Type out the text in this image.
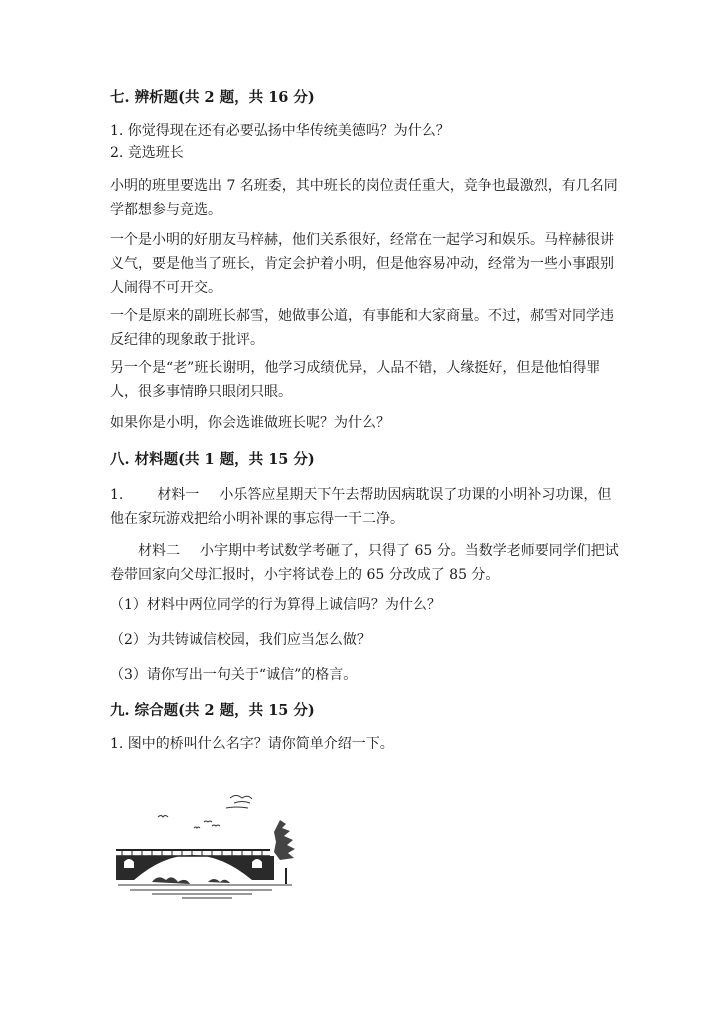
七. 辨析题(共 2 题，共 16 分)
1. 你觉得现在还有必要弘扬中华传统美德吗？为什么？
2. 竞选班长
小明的班里要选出 7 名班委，其中班长的岗位责任重大，竞争也最激烈，有几名同学都想参与竞选。
一个是小明的好朋友马梓赫，他们关系很好，经常在一起学习和娱乐。马梓赫很讲义气，要是他当了班长，肯定会护着小明，但是他容易冲动，经常为一些小事跟别人闹得不可开交。
一个是原来的副班长郝雪，她做事公道，有事能和大家商量。不过，郝雪对同学违反纪律的现象敢于批评。
另一个是“老”班长谢明，他学习成绩优异，人品不错，人缘挺好，但是他怕得罪人，很多事情睁只眼闭只眼。
如果你是小明，你会选谁做班长呢？为什么？
八. 材料题(共 1 题，共 15 分)
1. 材料一 小乐答应星期天下午去帮助因病耽误了功课的小明补习功课，但他在家玩游戏把给小明补课的事忘得一干二净。
材料二 小宇期中考试数学考砸了，只得了 65 分。当数学老师要同学们把试卷带回家向父母汇报时，小宇将试卷上的 65 分改成了 85 分。
（1）材料中两位同学的行为算得上诚信吗？为什么？
（2）为共铸诚信校园，我们应当怎么做？
（3）请你写出一句关于“诚信”的格言。
九. 综合题(共 2 题，共 15 分)
1. 图中的桥叫什么名字？请你简单介绍一下。
